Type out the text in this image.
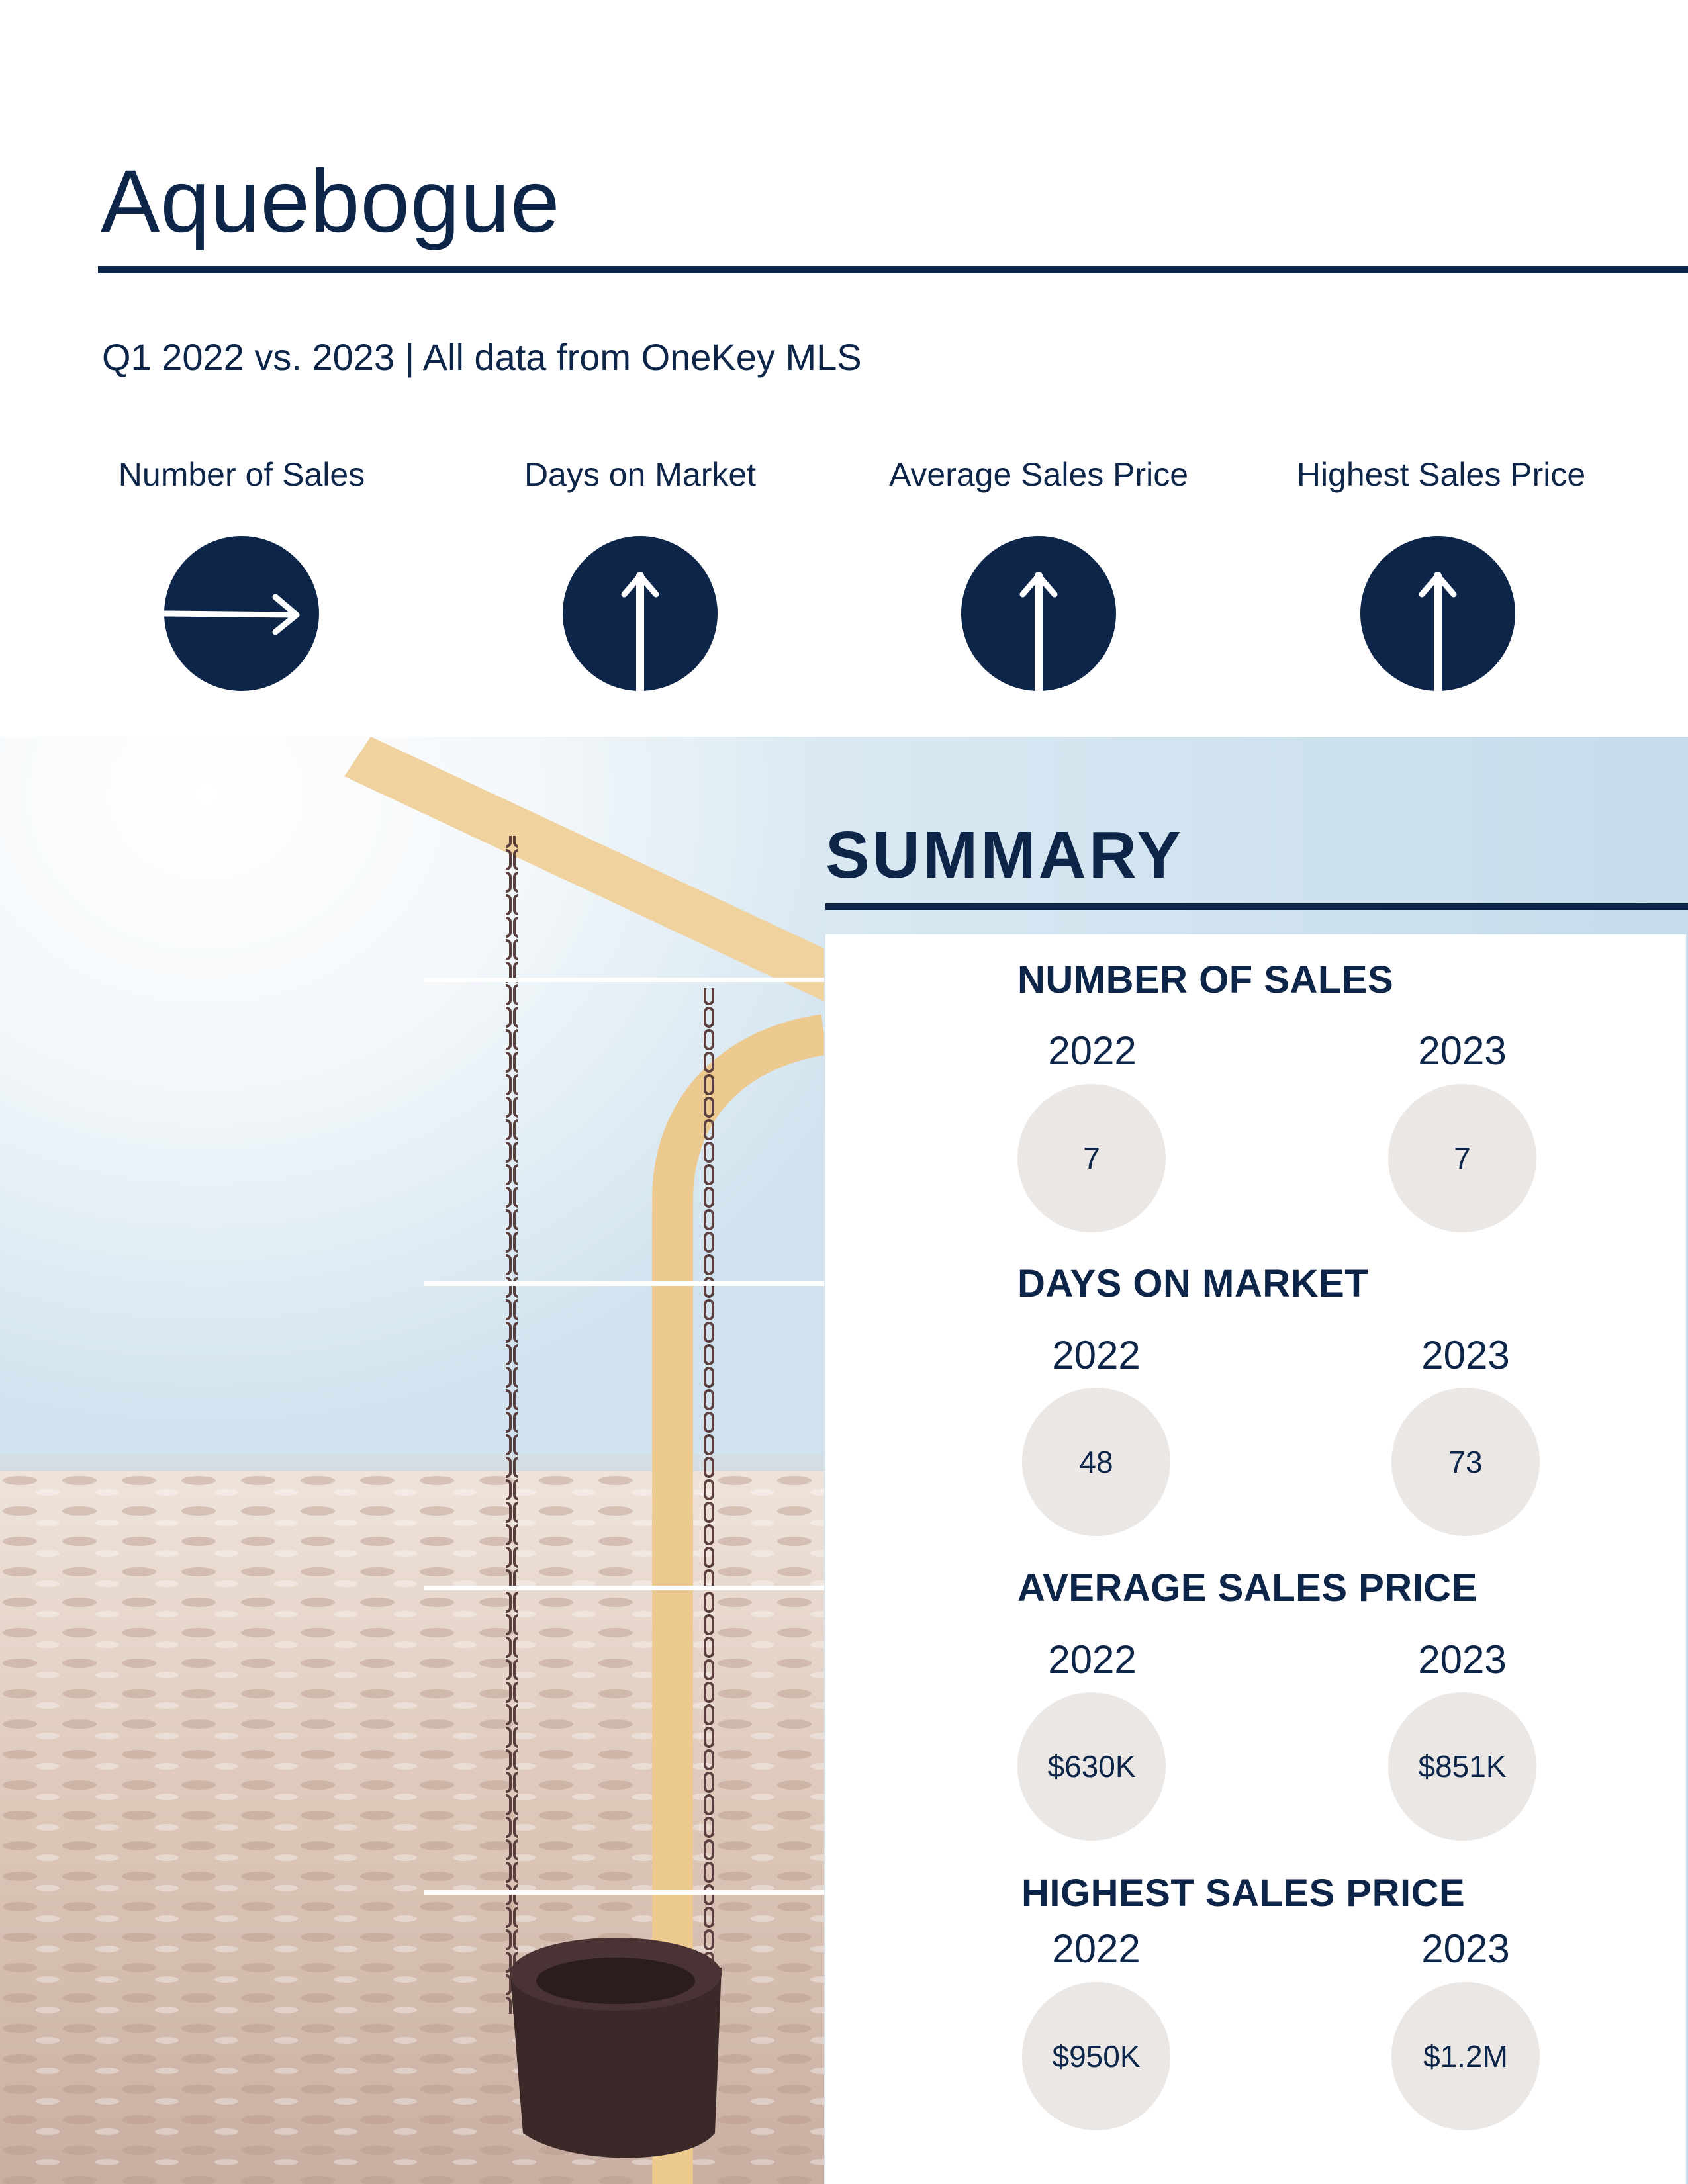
Aquebogue
Q1 2022 vs. 2023 | All data from OneKey MLS
Number of Sales	Days on Market	Average Sales Price	Highest Sales Price
SUMMARY
NUMBER OF SALES
2022	2023
7	7
DAYS ON MARKET
2022	2023
48	73
AVERAGE SALES PRICE
2022	2023
$630K	$851K
HIGHEST SALES PRICE
2022	2023
$950K	$1.2M
